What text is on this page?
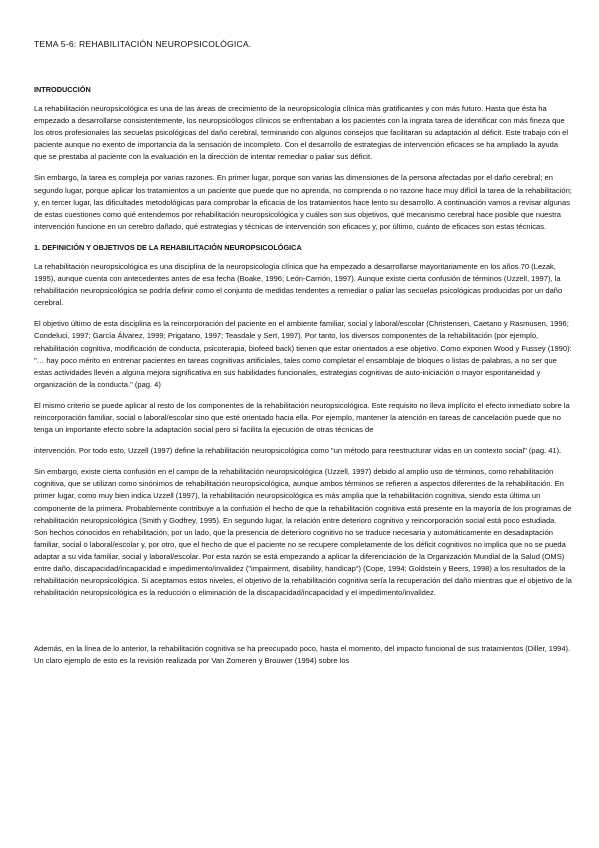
TEMA 5-6: REHABILITACIÓN NEUROPSICOLÓGICA.
INTRODUCCIÓN

La rehabilitación neuropsicológica es una de las áreas de crecimiento de la neuropsicología clínica más gratificantes y con más futuro. Hasta que ésta ha empezado a desarrollarse consistentemente, los neuropsicólogos clínicos se enfrentaban a los pacientes con la ingrata tarea de identificar con más fineza que los otros profesionales las secuelas psicológicas del daño cerebral, terminando con algunos consejos que facilitaran su adaptación al déficit. Este trabajo con el paciente aunque no exento de importancia da la sensación de incompleto. Con el desarrollo de estrategias de intervención eficaces se ha ampliado la ayuda que se prestaba al paciente con la evaluación en la dirección de intentar remediar o paliar sus déficit.

Sin embargo, la tarea es compleja por varias razones. En primer lugar, porque son varias las dimensiones de la persona afectadas por el daño cerebral; en segundo lugar, porque aplicar los tratamientos a un paciente que puede que no aprenda, no comprenda o no razone hace muy difícil la tarea de la rehabilitación; y, en tercer lugar, las dificultades metodológicas para comprobar la eficacia de los tratamientos hace lento su desarrollo. A continuación vamos a revisar algunas de estas cuestiones como qué entendemos por rehabilitación neuropsicológica y cuáles son sus objetivos, qué mecanismo cerebral hace posible que nuestra intervención funcione en un cerebro dañado, qué estrategias y técnicas de intervención son eficaces y, por último, cuánto de eficaces son estas técnicas.

1. DEFINICIÓN Y OBJETIVOS DE LA REHABILITACIÓN NEUROPSICOLÓGICA

La rehabilitación neuropsicológica es una disciplina de la neuropsicología clínica que ha empezado a desarrollarse mayoritariamente en los años 70 (Lezak, 1995), aunque cuenta con antecedentes antes de esa fecha (Boake, 1996; León-Carrión, 1997). Aunque existe cierta confusión de términos (Uzzell, 1997), la rehabilitación neuropsicológica se podría definir como el conjunto de medidas tendentes a remediar o paliar las secuelas psicológicas producidas por un daño cerebral.

El objetivo último de esta disciplina es la reincorporación del paciente en el ambiente familiar, social y laboral/escolar (Christensen, Caetano y Rasmusen, 1996; Condeluci, 1997; García Álvarez, 1999; Prigatano, 1997; Teasdale y Sert, 1997). Por tanto, los diversos componentes de la rehabilitación (por ejemplo, rehabilitación cognitiva, modificación de conducta, psicoterapia, biofeed back) tienen que estar orientados a ese objetivo. Como exponen Wood y Fussey (1990): "… hay poco mérito en entrenar pacientes en tareas cognitivas artificiales, tales como completar el ensamblaje de bloques o listas de palabras, a no ser que estas actividades lleven a alguna mejora significativa en sus habilidades funcionales, estrategias cognitivas de auto-iniciación o mayor espontaneidad y organización de la conducta." (pag. 4)

El mismo criterio se puede aplicar al resto de los componentes de la rehabilitación neuropsicológica. Este requisito no lleva implícito el efecto inmediato sobre la reincorporación familiar, social o laboral/escolar sino que esté orientado hacia ella. Por ejemplo, mantener la atención en tareas de cancelación puede que no tenga un importante efecto sobre la adaptación social pero sí facilita la ejecución de otras técnicas de

intervención. Por todo esto, Uzzell (1997) define la rehabilitación neuropsicológica como "un método para reestructurar vidas en un contexto social" (pag. 41).

Sin embargo, existe cierta confusión en el campo de la rehabilitación neuropsicológica (Uzzell, 1997) debido al amplio uso de términos, como rehabilitación cognitiva, que se utilizan como sinónimos de rehabilitación neuropsicológica, aunque ambos términos se refieren a aspectos diferentes de la rehabilitación. En primer lugar, como muy bien indica Uzzell (1997), la rehabilitación neuropsicológica es más amplia que la rehabilitación cognitiva, siendo esta última un componente de la primera. Probablemente contribuye a la confusión el hecho de que la rehabilitación cognitiva está presente en la mayoría de los programas de rehabilitación neuropsicológica (Smith y Godfrey, 1995). En segundo lugar, la relación entre deterioro cognitivo y reincorporación social está poco estudiada. Son hechos conocidos en rehabilitación, por un lado, que la presencia de deterioro cognitivo no se traduce necesaria y automáticamente en desadaptación familiar, social o laboral/escolar y, por otro, que el hecho de que el paciente no se recupere completamente de los déficit cognitivos no implica que no se pueda adaptar a su vida familiar, social y laboral/escolar. Por esta razón se está empezando a aplicar la diferenciación de la Organización Mundial de la Salud (OMS) entre daño, discapacidad/incapacidad e impedimento/invalidez ("impairment, disability, handicap") (Cope, 1994; Goldstein y Beers, 1998) a los resultados de la rehabilitación neuropsicológica. Si aceptamos estos niveles, el objetivo de la rehabilitación cognitiva sería la recuperación del daño mientras que el objetivo de la rehabilitación neuropsicológica es la reducción o eliminación de la discapacidad/incapacidad y el impedimento/invalidez.

Además, en la línea de lo anterior, la rehabilitación cognitiva se ha preocupado poco, hasta el momento, del impacto funcional de sus tratamientos (Diller, 1994). Un claro ejemplo de esto es la revisión realizada por Van Zomeren y Brouwer (1994) sobre los
